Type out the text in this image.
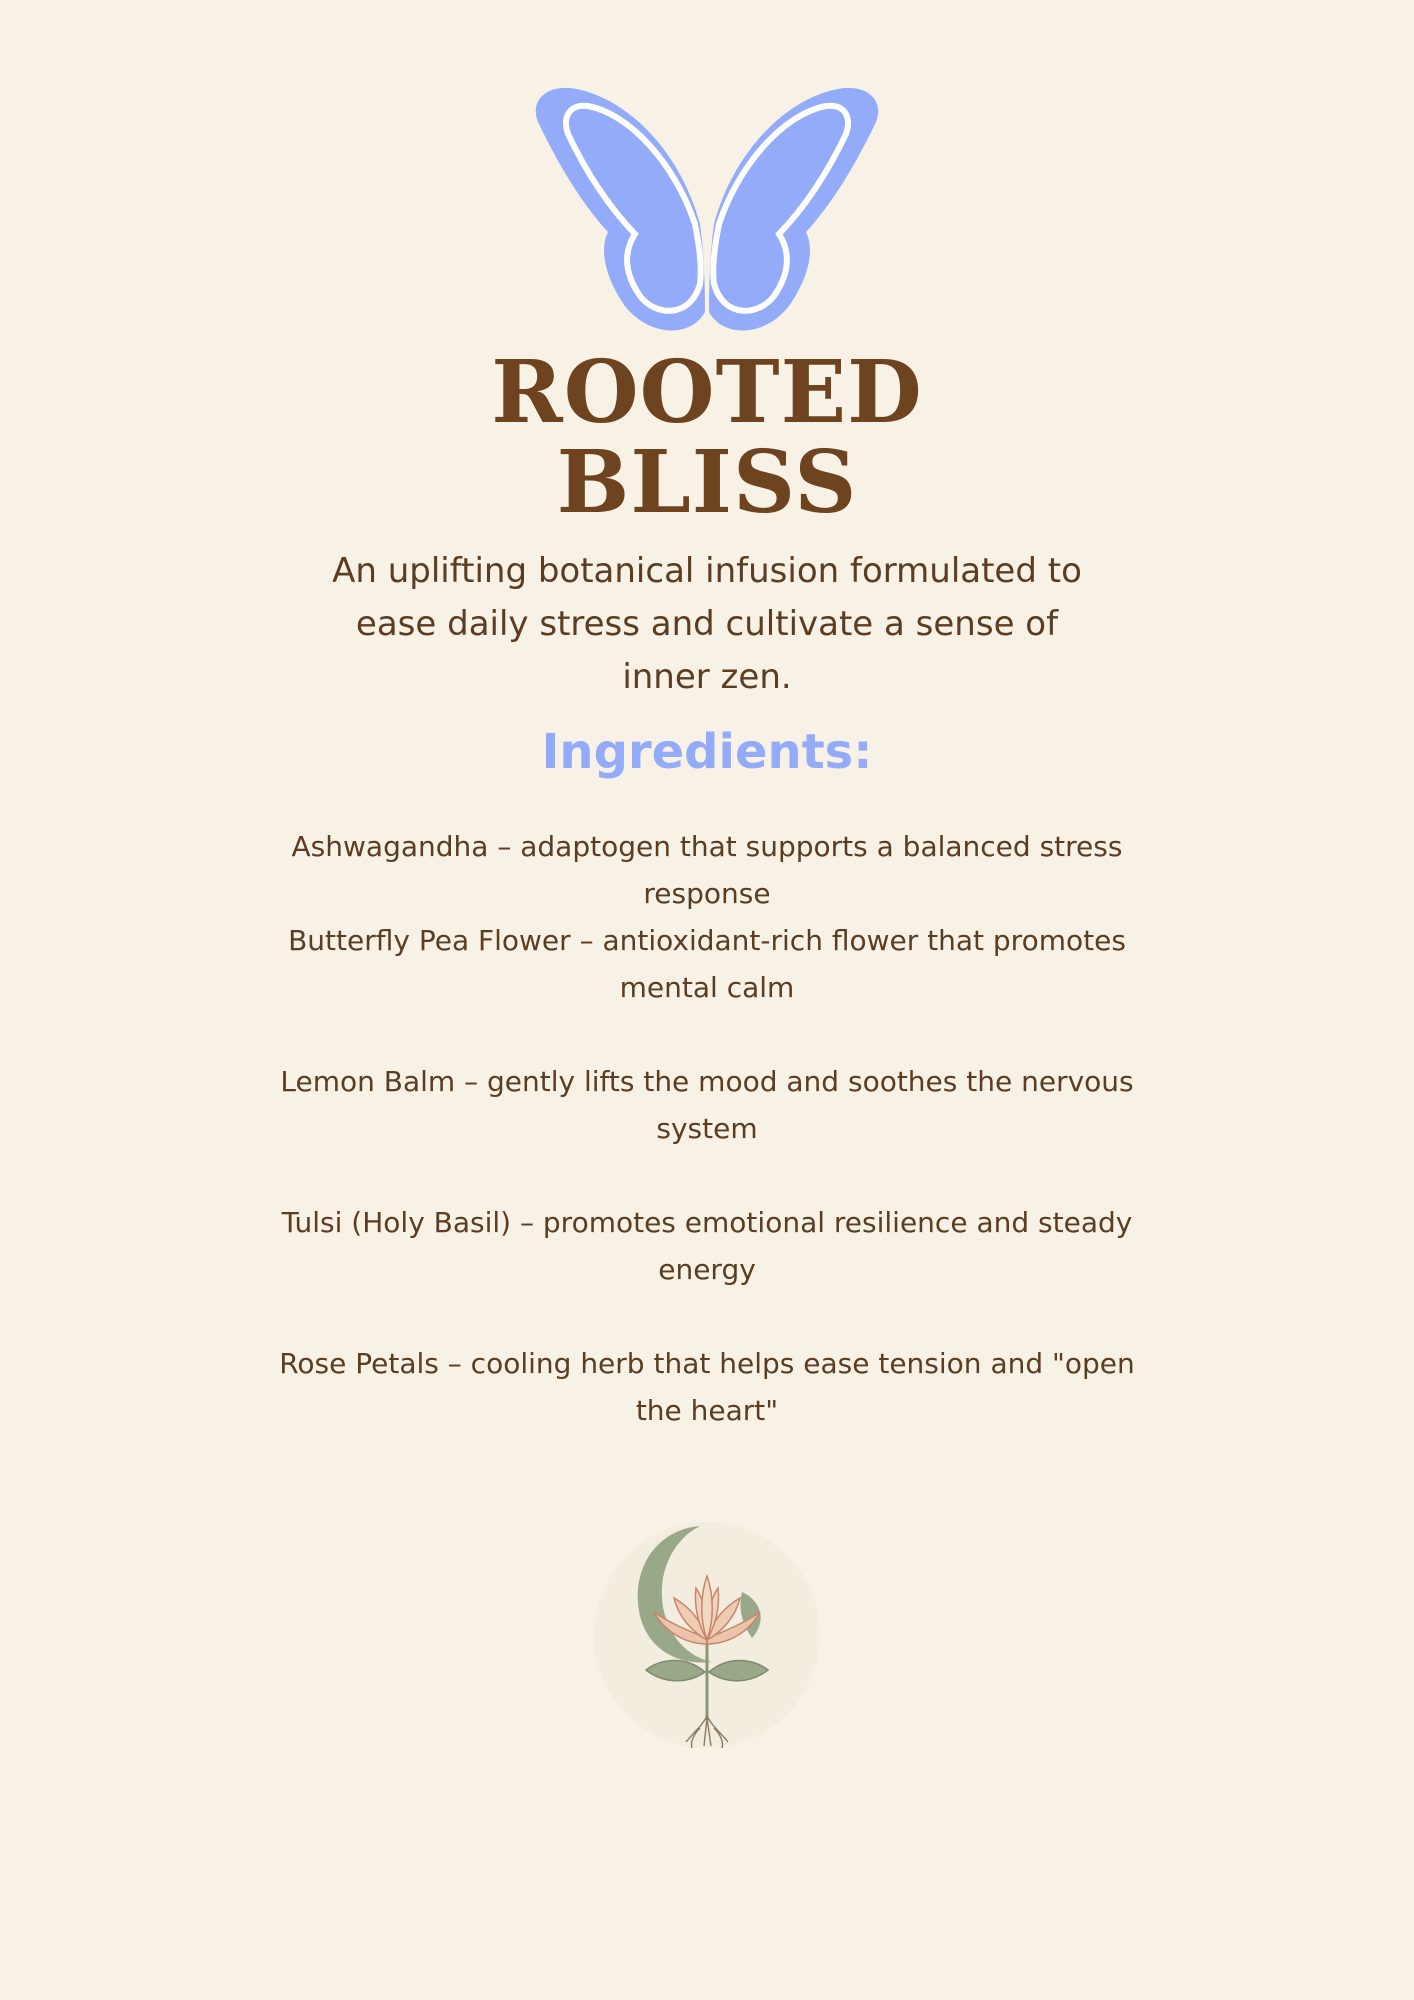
ROOTED
BLISS

An uplifting botanical infusion formulated to ease daily stress and cultivate a sense of inner zen.

Ingredients:
Ashwagandha – adaptogen that supports a balanced stress response
Butterfly Pea Flower – antioxidant-rich flower that promotes mental calm
Lemon Balm – gently lifts the mood and soothes the nervous system
Tulsi (Holy Basil) – promotes emotional resilience and steady energy
Rose Petals – cooling herb that helps ease tension and "open the heart"
